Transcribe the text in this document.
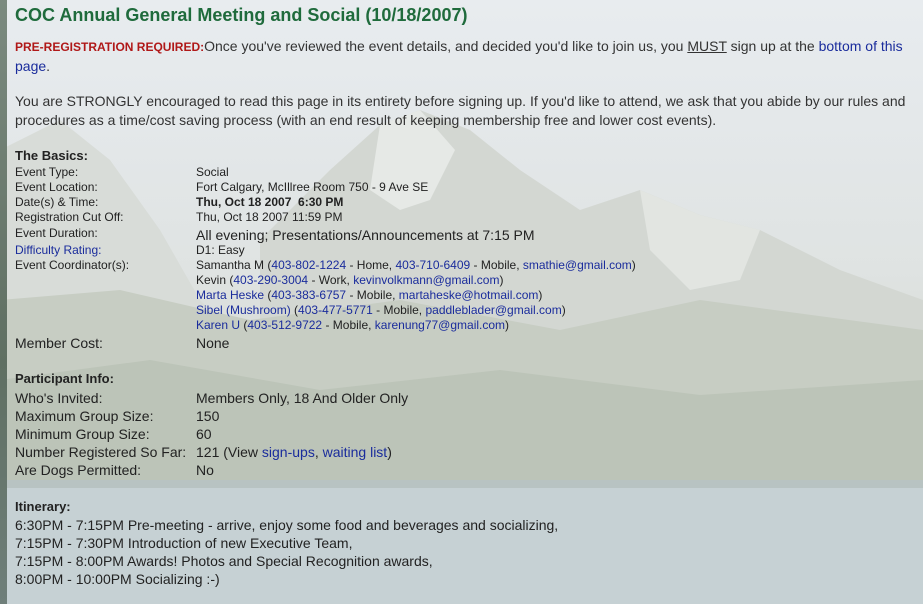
COC Annual General Meeting and Social (10/18/2007)
PRE-REGISTRATION REQUIRED:Once you've reviewed the event details, and decided you'd like to join us, you MUST sign up at the bottom of this page.
You are STRONGLY encouraged to read this page in its entirety before signing up. If you'd like to attend, we ask that you abide by our rules and procedures as a time/cost saving process (with an end result of keeping membership free and lower cost events).
The Basics:
Event Type:	Social
Event Location:	Fort Calgary, McIllree Room 750 - 9 Ave SE
Date(s) & Time:	Thu, Oct 18 2007  6:30 PM
Registration Cut Off:	Thu, Oct 18 2007 11:59 PM
Event Duration:	All evening; Presentations/Announcements at 7:15 PM
Difficulty Rating:	D1: Easy
Event Coordinator(s):	Samantha M (403-802-1224 - Home, 403-710-6409 - Mobile, smathie@gmail.com)
Kevin (403-290-3004 - Work, kevinvolkmann@gmail.com)
Marta Heske (403-383-6757 - Mobile, martaheske@hotmail.com)
Sibel (Mushroom) (403-477-5771 - Mobile, paddleblader@gmail.com)
Karen U (403-512-9722 - Mobile, karenung77@gmail.com)
Member Cost:	None
Participant Info:
Who's Invited:	Members Only, 18 And Older Only
Maximum Group Size:	150
Minimum Group Size:	60
Number Registered So Far: 121 (View sign-ups, waiting list)
Are Dogs Permitted:	No
Itinerary:
6:30PM - 7:15PM Pre-meeting - arrive, enjoy some food and beverages and socializing,
7:15PM - 7:30PM Introduction of new Executive Team,
7:15PM - 8:00PM Awards! Photos and Special Recognition awards,
8:00PM - 10:00PM Socializing :-)
